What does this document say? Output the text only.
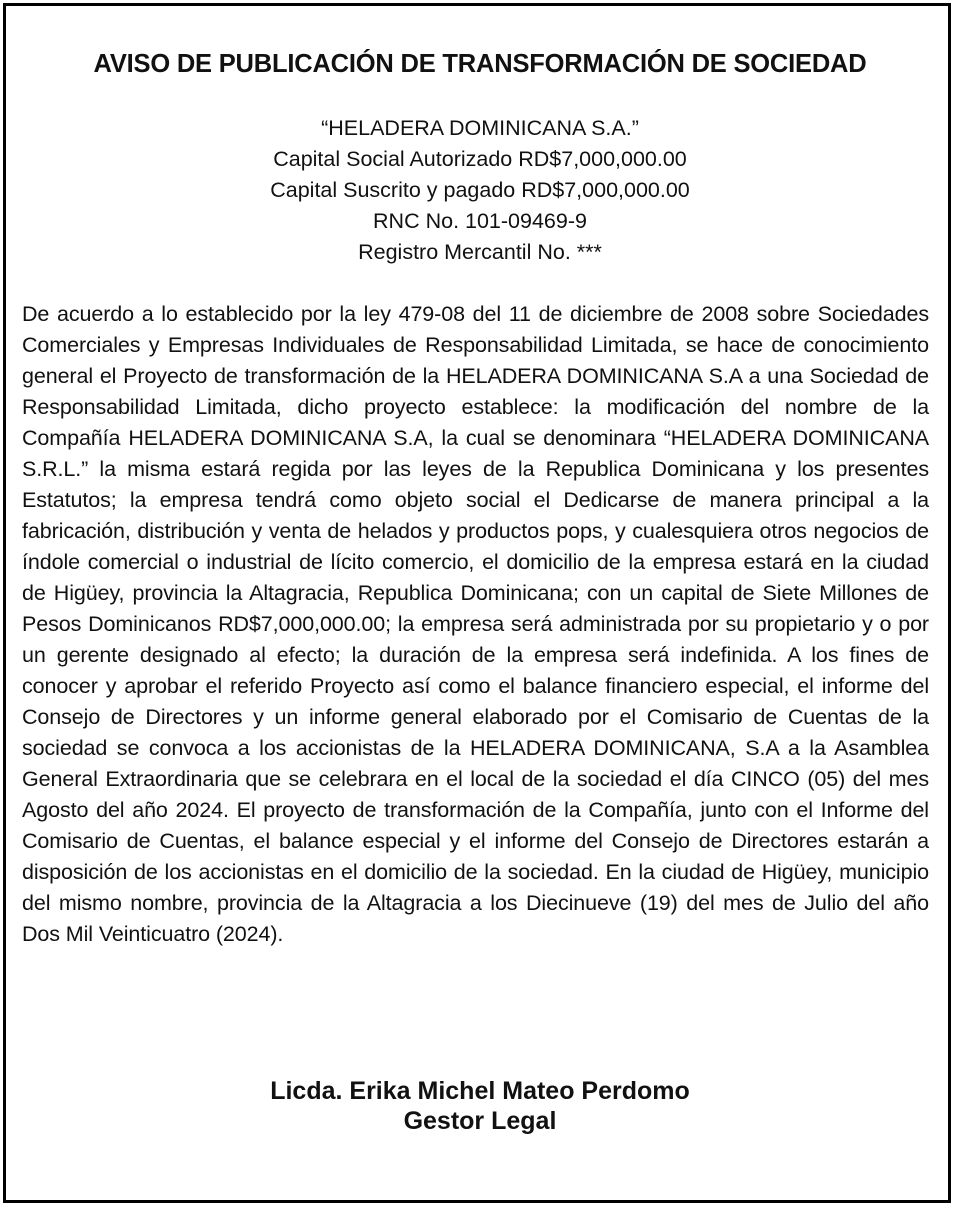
AVISO DE PUBLICACIÓN DE TRANSFORMACIÓN DE SOCIEDAD
“HELADERA DOMINICANA S.A.”
Capital Social Autorizado RD$7,000,000.00
Capital Suscrito y pagado RD$7,000,000.00
RNC No. 101-09469-9
Registro Mercantil No. ***
De acuerdo a lo establecido por la ley 479-08 del 11 de diciembre de 2008 sobre Sociedades Comerciales y Empresas Individuales de Responsabilidad Limitada, se hace de conocimiento general el Proyecto de transformación de la HELADERA DOMINICANA S.A a una Sociedad de Responsabilidad Limitada, dicho proyecto establece: la modificación del nombre de la Compañía HELADERA DOMINICANA S.A, la cual se denominara “HELADERA DOMINICANA S.R.L.” la misma estará regida por las leyes de la Republica Dominicana y los presentes Estatutos; la empresa tendrá como objeto social el Dedicarse de manera principal a la fabricación, distribución y venta de helados y productos pops, y cualesquiera otros negocios de índole comercial o industrial de lícito comercio, el domicilio de la empresa estará en la ciudad de Higüey, provincia la Altagracia, Republica Dominicana; con un capital de Siete Millones de Pesos Dominicanos RD$7,000,000.00; la empresa será administrada por su propietario y o por un gerente designado al efecto; la duración de la empresa será indefinida. A los fines de conocer y aprobar el referido Proyecto así como el balance financiero especial, el informe del Consejo de Directores y un informe general elaborado por el Comisario de Cuentas de la sociedad se convoca a los accionistas de la HELADERA DOMINICANA, S.A a la Asamblea General Extraordinaria que se celebrara en el local de la sociedad el día CINCO (05) del mes Agosto del año 2024. El proyecto de transformación de la Compañía, junto con el Informe del Comisario de Cuentas, el balance especial y el informe del Consejo de Directores estarán a disposición de los accionistas en el domicilio de la sociedad. En la ciudad de Higüey, municipio del mismo nombre, provincia de la Altagracia a los Diecinueve (19) del mes de Julio del año Dos Mil Veinticuatro (2024).
Licda. Erika Michel Mateo Perdomo
Gestor Legal
